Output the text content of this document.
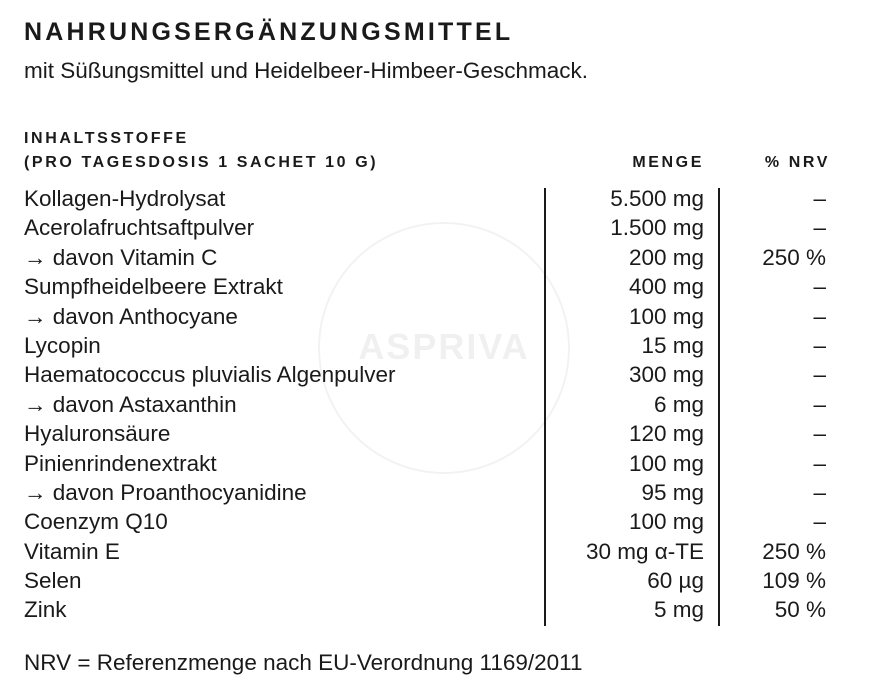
ASPRIVA
NAHRUNGSERGÄNZUNGSMITTEL

mit Süßungsmittel und Heidelbeer-Himbeer-Geschmack.

INHALTSSTOFFE
(PRO TAGESDOSIS 1 SACHET 10 G)	MENGE	% NRV
Kollagen-Hydrolysat	5.500 mg	–
Acerolafruchtsaftpulver	1.500 mg	–
→ davon Vitamin C	200 mg	250 %
Sumpfheidelbeere Extrakt	400 mg	–
→ davon Anthocyane	100 mg	–
Lycopin	15 mg	–
Haematococcus pluvialis Algenpulver	300 mg	–
→ davon Astaxanthin	6 mg	–
Hyaluronsäure	120 mg	–
Pinienrindenextrakt	100 mg	–
→ davon Proanthocyanidine	95 mg	–
Coenzym Q10	100 mg	–
Vitamin E	30 mg α-TE	250 %
Selen	60 µg	109 %
Zink	5 mg	50 %

NRV = Referenzmenge nach EU-Verordnung 1169/2011
